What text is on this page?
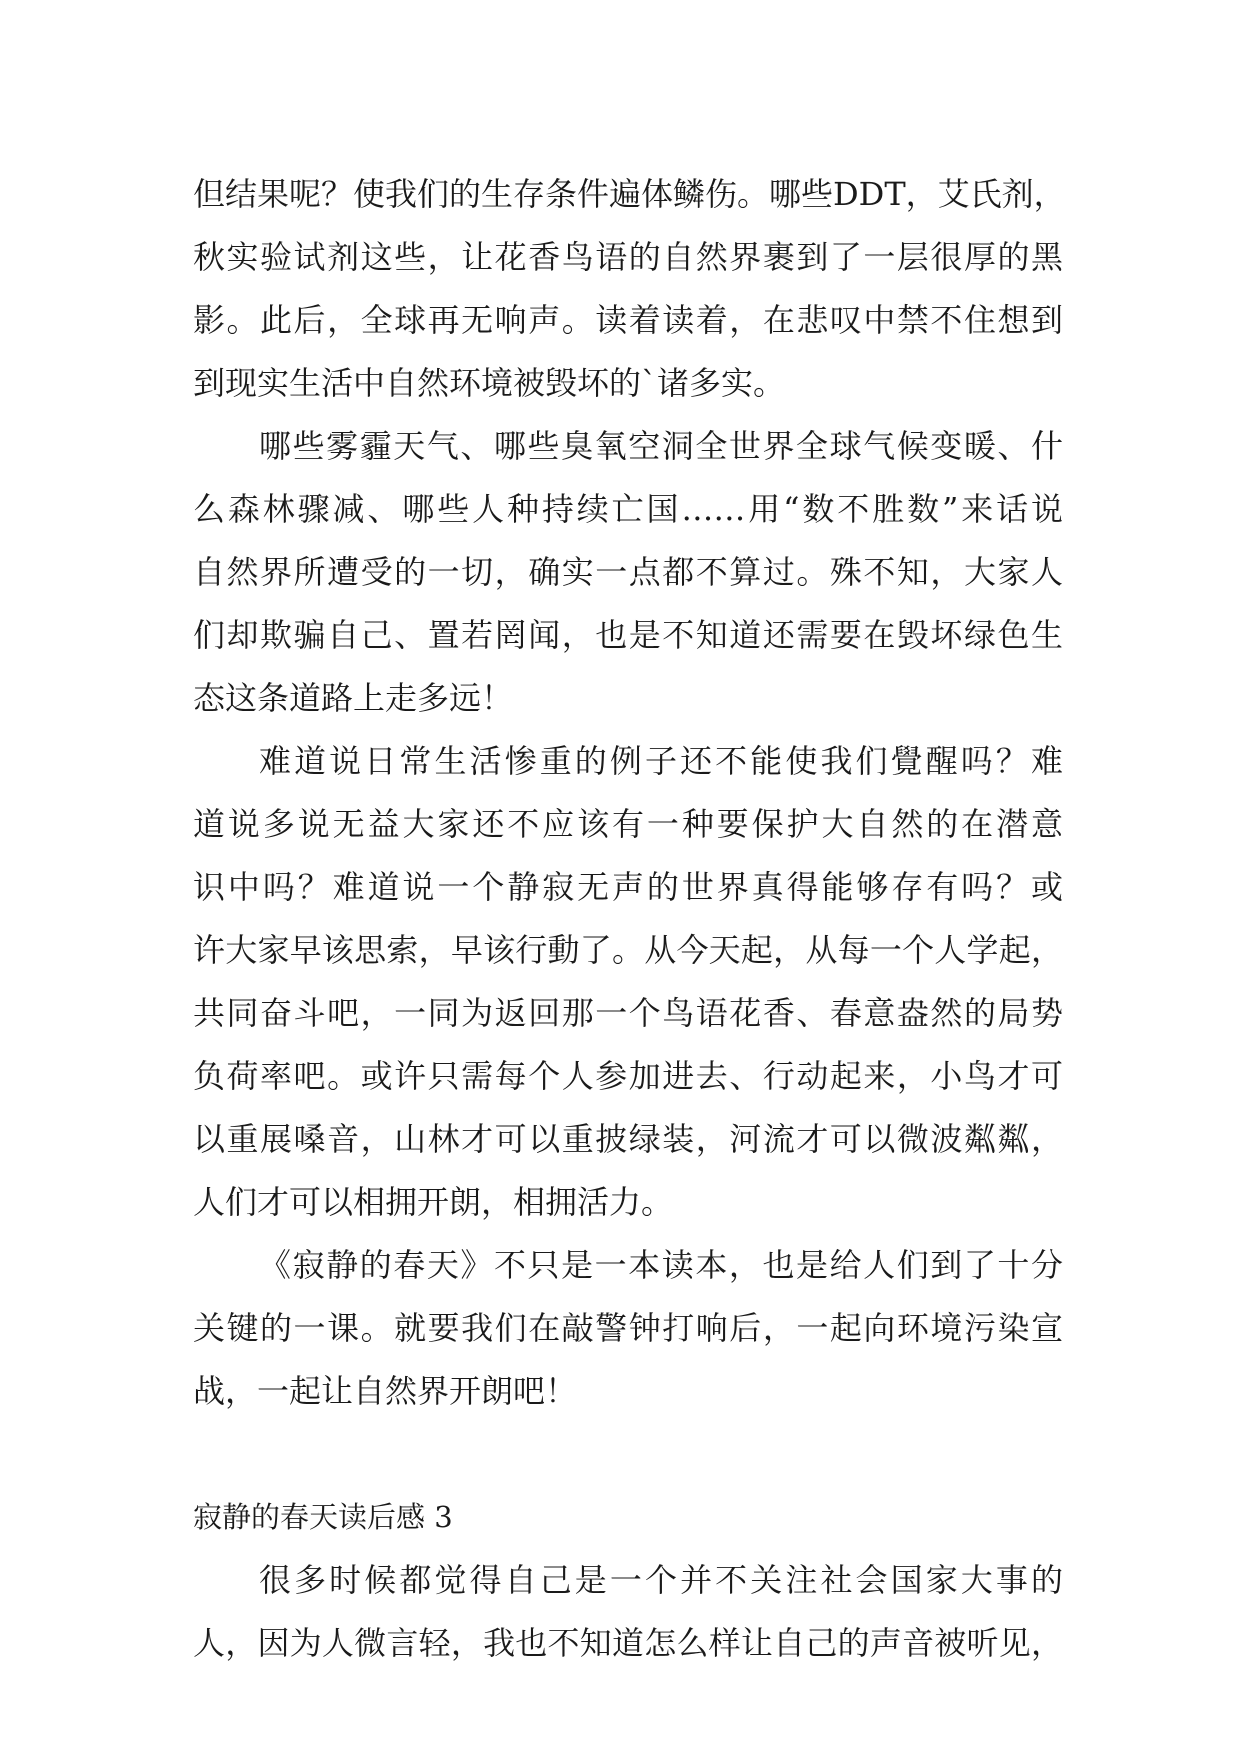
但结果呢？使我们的生存条件遍体鳞伤。哪些DDT，艾氏剂，
秋实验试剂这些，让花香鸟语的自然界裹到了一层很厚的黑
影。此后，全球再无响声。读着读着，在悲叹中禁不住想到
到现实生活中自然环境被毁坏的`诸多实。
哪些雾霾天气、哪些臭氧空洞全世界全球气候变暖、什
么森林骤减、哪些人种持续亡国……用“数不胜数”来话说
自然界所遭受的一切，确实一点都不算过。殊不知，大家人
们却欺骗自己、置若罔闻，也是不知道还需要在毁坏绿色生
态这条道路上走多远！
难道说日常生活惨重的例子还不能使我们覺醒吗？难
道说多说无益大家还不应该有一种要保护大自然的在潜意
识中吗？难道说一个静寂无声的世界真得能够存有吗？或
许大家早该思索，早该行動了。从今天起，从每一个人学起，
共同奋斗吧，一同为返回那一个鸟语花香、春意盎然的局势
负荷率吧。或许只需每个人参加进去、行动起来，小鸟才可
以重展嗓音，山林才可以重披绿装，河流才可以微波粼粼，
人们才可以相拥开朗，相拥活力。
《寂静的春天》不只是一本读本，也是给人们到了十分
关键的一课。就要我们在敲警钟打响后，一起向环境污染宣
战，一起让自然界开朗吧！
寂静的春天读后感 3
很多时候都觉得自己是一个并不关注社会国家大事的
人，因为人微言轻，我也不知道怎么样让自己的声音被听见，
